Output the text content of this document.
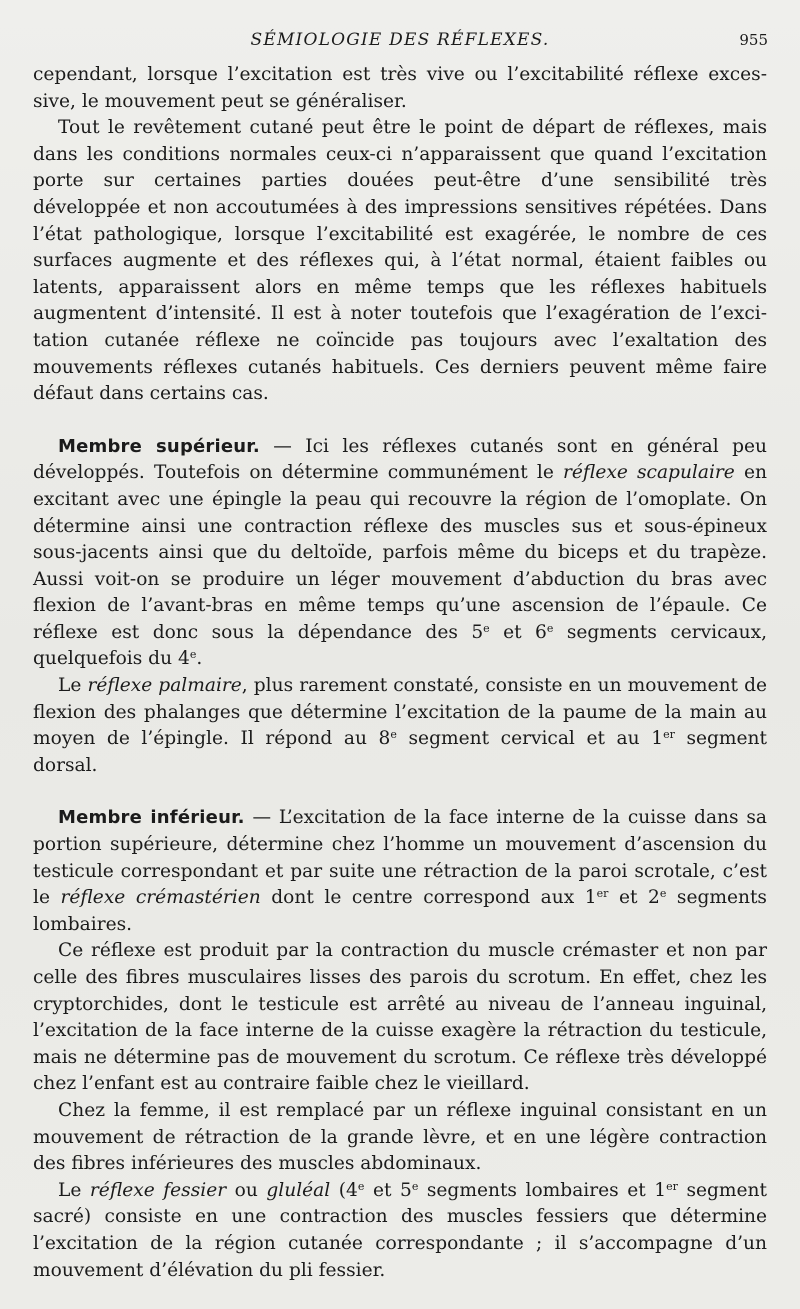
SÉMIOLOGIE DES RÉFLEXES.	955

cependant, lorsque l’excitation est très vive ou l’excitabilité réflexe excessive, le mouvement peut se généraliser.

Tout le revêtement cutané peut être le point de départ de réflexes, mais dans les conditions normales ceux-ci n’apparaissent que quand l’excitation porte sur certaines parties douées peut-être d’une sensibilité très développée et non accoutumées à des impressions sensitives répétées. Dans l’état pathologique, lorsque l’excitabilité est exagérée, le nombre de ces surfaces augmente et des réflexes qui, à l’état normal, étaient faibles ou latents, apparaissent alors en même temps que les réflexes habituels augmentent d’intensité. Il est à noter toutefois que l’exagération de l’excitation cutanée réflexe ne coïncide pas toujours avec l’exaltation des mouvements réflexes cutanés habituels. Ces derniers peuvent même faire défaut dans certains cas.

Membre supérieur. — Ici les réflexes cutanés sont en général peu développés. Toutefois on détermine communément le réflexe scapulaire en excitant avec une épingle la peau qui recouvre la région de l’omoplate. On détermine ainsi une contraction réflexe des muscles sus et sous-épineux sous-jacents ainsi que du deltoïde, parfois même du biceps et du trapèze. Aussi voit-on se produire un léger mouvement d’abduction du bras avec flexion de l’avant-bras en même temps qu’une ascension de l’épaule. Ce réflexe est donc sous la dépendance des 5e et 6e segments cervicaux, quelquefois du 4e.

Le réflexe palmaire, plus rarement constaté, consiste en un mouvement de flexion des phalanges que détermine l’excitation de la paume de la main au moyen de l’épingle. Il répond au 8e segment cervical et au 1er segment dorsal.

Membre inférieur. — L’excitation de la face interne de la cuisse dans sa portion supérieure, détermine chez l’homme un mouvement d’ascension du testicule correspondant et par suite une rétraction de la paroi scrotale, c’est le réflexe crémastérien dont le centre correspond aux 1er et 2e segments lombaires.

Ce réflexe est produit par la contraction du muscle crémaster et non par celle des fibres musculaires lisses des parois du scrotum. En effet, chez les cryptorchides, dont le testicule est arrêté au niveau de l’anneau inguinal, l’excitation de la face interne de la cuisse exagère la rétraction du testicule, mais ne détermine pas de mouvement du scrotum. Ce réflexe très développé chez l’enfant est au contraire faible chez le vieillard.

Chez la femme, il est remplacé par un réflexe inguinal consistant en un mouvement de rétraction de la grande lèvre, et en une légère contraction des fibres inférieures des muscles abdominaux.

Le réflexe fessier ou gluléal (4e et 5e segments lombaires et 1er segment sacré) consiste en une contraction des muscles fessiers que détermine l’excitation de la région cutanée correspondante ; il s’accompagne d’un mouvement d’élévation du pli fessier.
